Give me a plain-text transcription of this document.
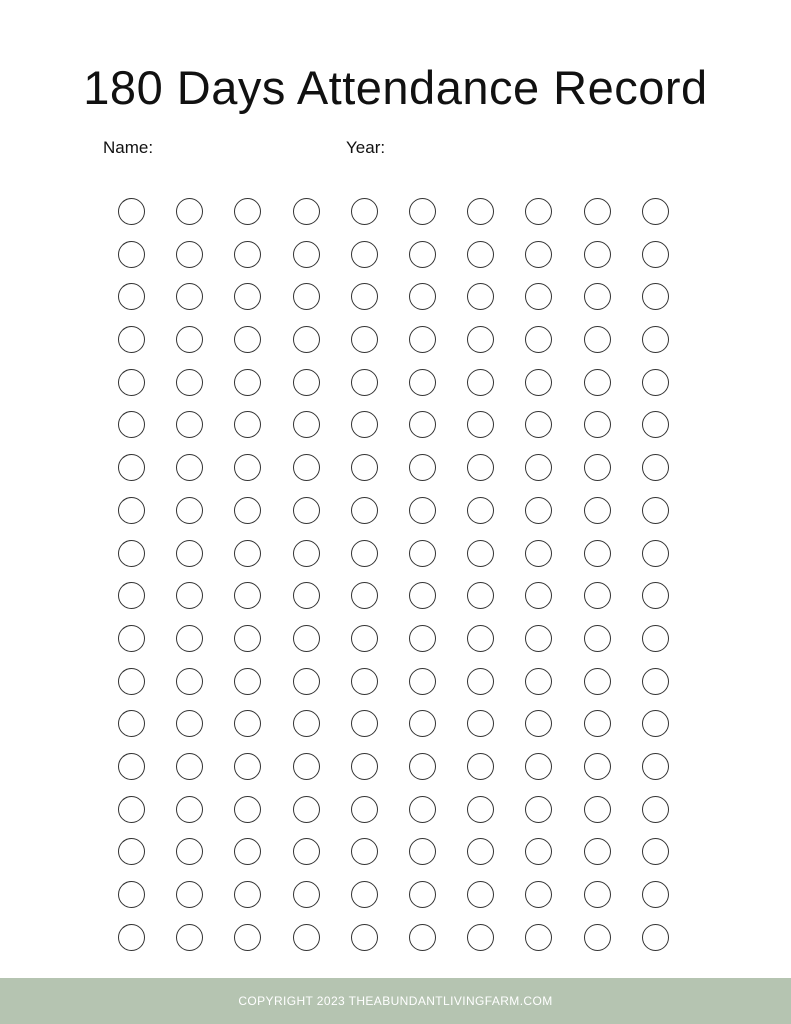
180 Days Attendance Record
Name:	Year:
COPYRIGHT 2023 THEABUNDANTLIVINGFARM.COM
